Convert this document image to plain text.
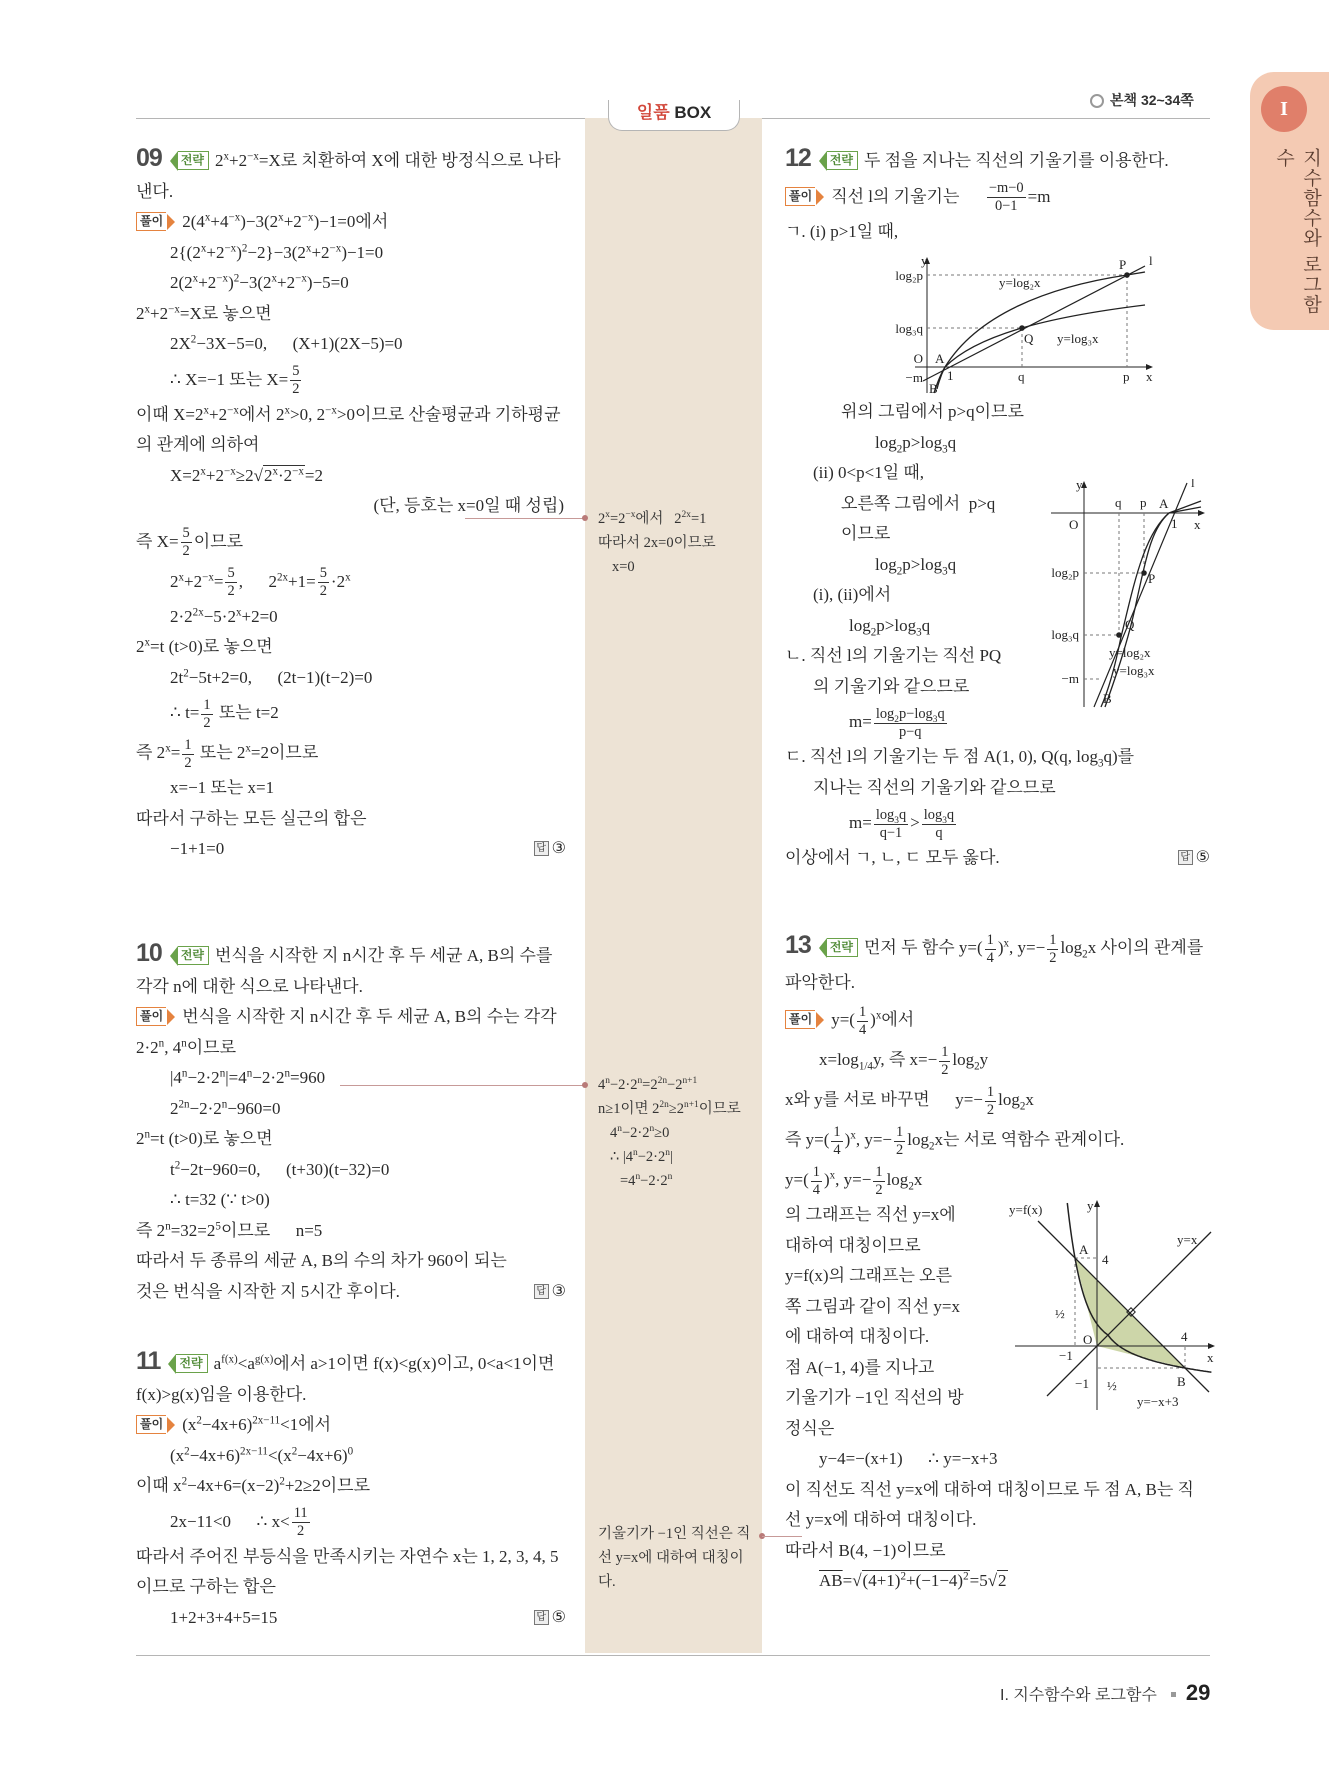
일품 BOX
본책 32~34쪽	I
지수함수와 로그함수
09 전략 $2^x+2^{-x}=X$로 치환하여 X에 대한 방정식으로 나타낸다.
풀이 $2(4^x+4^{-x})-3(2^x+2^{-x})-1=0$에서
$2\{(2^x+2^{-x})^2-2\}-3(2^x+2^{-x})-1=0$
$2(2^x+2^{-x})^2-3(2^x+2^{-x})-5=0$
$2^x+2^{-x}=X$로 놓으면
$2X^2-3X-5=0$,      (X+1)(2X−5)=0
∴ X=−1 또는 $X= \frac{5}{2}$
이때 $X=2^x+2^{-x}$에서 $2^x>0$, $2^{-x}>0$이므로 산술평균과 기하평균의 관계에 의하여
$X=2^x+2^{-x}\ge 2√2^x\cdot 2^{-x}=2$
(단, 등호는 x=0일 때 성립)
즉 $X= \frac{5}{2}$ 이므로
$2^x+2^{-x}= \frac{5}{2}$ ,      $2^{2x}+1= \frac{5}{2} \cdot 2^x$
$2\cdot 2^{2x}-5\cdot 2^x+2=0$
$2^x=t$ (t>0)로 놓으면
$2t^2-5t+2=0$,      (2t−1)(t−2)=0
∴ $t= \frac{1}{2}$ 또는 t=2
즉 $2^x= \frac{1}{2}$ 또는 $2^x=2$이므로
x=−1 또는 x=1
따라서 구하는 모든 실근의 합은
−1+1=0	답 ③
10 전략 번식을 시작한 지 n시간 후 두 세균 A, B의 수를 각각 n에 대한 식으로 나타낸다.
풀이 번식을 시작한 지 n시간 후 두 세균 A, B의 수는 각각 $2\cdot 2^n$, 4$^n$이므로
$|4^n-2\cdot 2^n|=4^n-2\cdot 2^n=960$
$2^{2n}-2\cdot 2^n-960=0$
$2^n=t$ (t>0)로 놓으면
$t^2-2t-960=0$,      (t+30)(t−32)=0
∴ t=32 (∵ t>0)
즉 $2^n=32=2^5$이므로      n=5
따라서 두 종류의 세균 A, B의 수의 차가 960이 되는 것은 번식을 시작한 지 5시간 후이다.	답 ③
11 전략 $a^{f(x)}<a^{g(x)}$에서 a>1이면 f(x)<g(x)이고, 0<a<1이면 f(x)>g(x)임을 이용한다.
풀이 $(x^2-4x+6)^{2x-11}<1$에서
$(x^2-4x+6)^{2x-11}<(x^2-4x+6)^0$
이때 $x^2-4x+6=(x-2)^2+2\ge 2$이므로
2x−11<0      ∴ $x< \frac{11}{2}$
따라서 주어진 부등식을 만족시키는 자연수 x는 1, 2, 3, 4, 5이므로 구하는 합은
1+2+3+4+5=15	답 ⑤
$2^x=2^{-x}$에서   $2^{2x}=1$
따라서 2x=0이므로
x=0
$4^n-2\cdot 2^n=2^{2n}-2^{n+1}$
n≥1이면 $2^{2n}\ge 2^{n+1}$이므로
$4^n-2\cdot 2^n\ge 0$
∴ $|4^n-2\cdot 2^n|$
$=4^n-2\cdot 2^n$
기울기가 −1인 직선은 직선 y=x에 대하여 대칭이다.
12 전략 두 점을 지나는 직선의 기울기를 이용한다.
풀이 직선 l의 기울기는 $\frac{-m-0}{0-1} =m$
ㄱ. (i) p>1일 때,
위의 그림에서 p>q이므로
$\log_2p>\log_3q$
(ii) 0<p<1일 때,
오른쪽 그림에서  p>q
이므로
$\log_2p>\log_3q$
(i), (ii)에서
$\log_2p>\log_3q$
ㄴ. 직선 l의 기울기는 직선 PQ
의 기울기와 같으므로
$m= \frac{\log_2p-\log_3q}{p-q}$
ㄷ. 직선 l의 기울기는 두 점 A(1, 0), Q(q, $\log_3q$)를
지나는 직선의 기울기와 같으므로
$m= \frac{\log_3q}{q-1} > \frac{\log_3q}{q}$
이상에서 ㄱ, ㄴ, ㄷ 모두 옳다.	답 ⑤
y
log₂p
log₃q
O A
−m
B
1	q	p x
P l
Q
y=log₂x
y=log₃x
y
O
q p A
1 x
l
log₂p	P
log₃q
Q
−m
B
y=log₂x
y=log₃x
13 전략 먼저 두 함수 $y=( \frac{1}{4} )^x$, $y=- \frac{1}{2} \log_2x$ 사이의 관계를 파악한다.
풀이 $y=( \frac{1}{4} )^x$에서
$x=\log_{1/4}y$, 즉 $x=- \frac{1}{2} \log_2y$
x와 y를 서로 바꾸면      $y=- \frac{1}{2} \log_2x$
즉 $y=( \frac{1}{4} )^x$, $y=- \frac{1}{2} \log_2x$는 서로 역함수 관계이다.
$y=( \frac{1}{4} )^x$, $y=- \frac{1}{2} \log_2x$
의 그래프는 직선 y=x에
대하여 대칭이므로
y=f(x)의 그래프는 오른
쪽 그림과 같이 직선 y=x
에 대하여 대칭이다.
점 A(−1, 4)를 지나고
기울기가 −1인 직선의 방
정식은
y−4=−(x+1)      ∴ y=−x+3
이 직선도 직선 y=x에 대하여 대칭이므로 두 점 A, B는 직선 y=x에 대하여 대칭이다.
따라서 B(4, −1)이므로
$\overline{AB}=√(4+1)^2+(-1-4)^2=5√2$
y=f(x)	y
y=x
A
4
½
O
−1
4
x
B
−1 ½
y=−x+3
I. 지수함수와 로그함수 29
